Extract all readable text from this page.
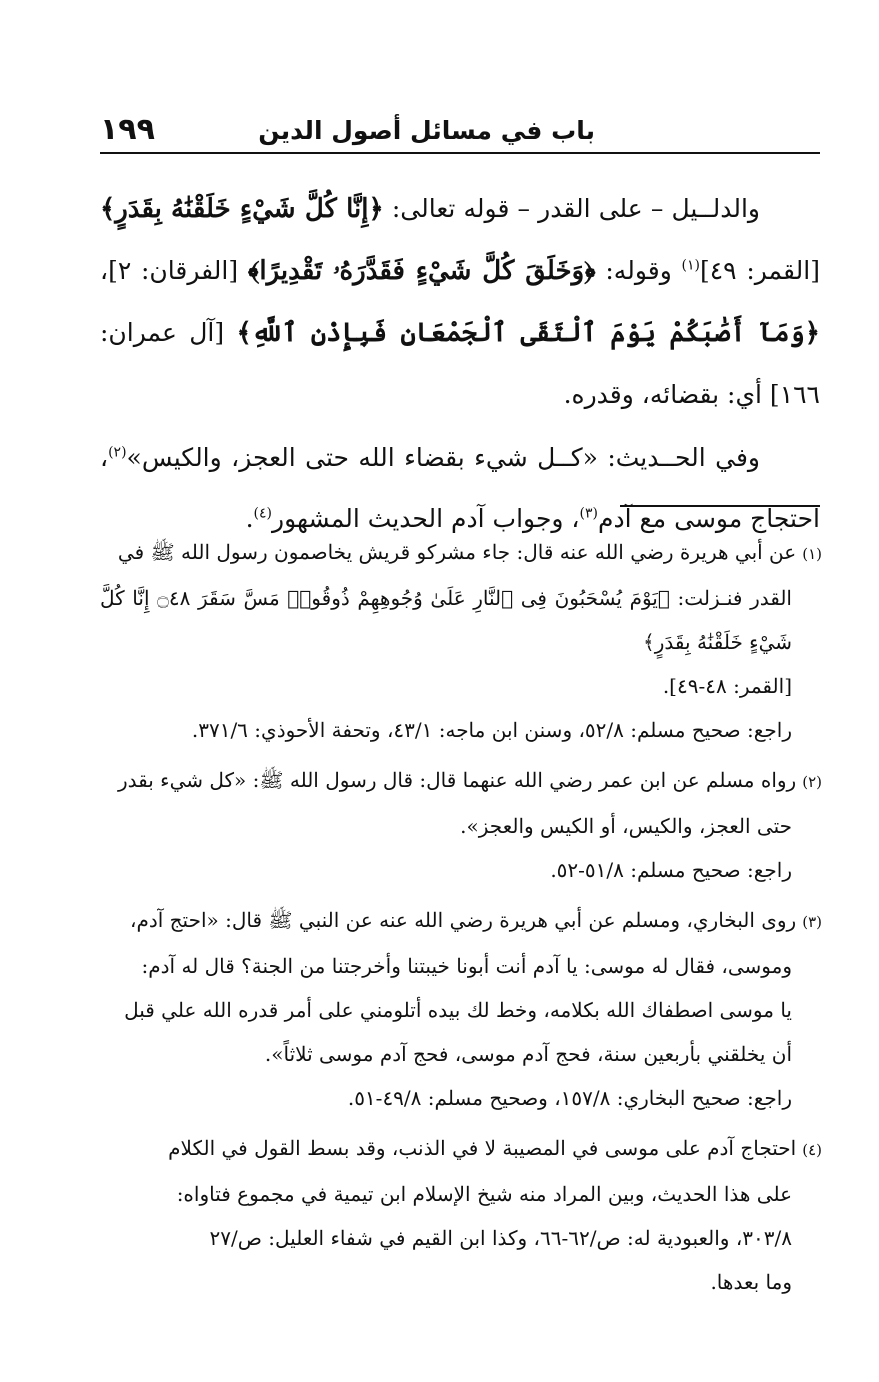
١٩٩	باب في مسائل أصول الدين

والدلــيل – على القدر – قوله تعالى: ﴿إِنَّا كُلَّ شَيْءٍ خَلَقْنَٰهُ بِقَدَرٍ﴾ [القمر: ٤٩]$^{(١)}$ وقوله: ﴿وَخَلَقَ كُلَّ شَيْءٍ فَقَدَّرَهُۥ تَقْدِيرًا﴾ [الفرقان: ٢]، ﴿وَمَآ أَصَٰبَكُمْ يَوْمَ ٱلْتَقَى ٱلْجَمْعَانِ فَبِإِذْنِ ٱللَّهِ﴾ [آل عمران: ١٦٦] أي: بقضائه، وقدره.

وفي الحــديث: «كــل شيء بقضاء الله حتى العجز، والكيس»$^{(٢)}$، احتجاج موسى مع آدم$^{(٣)}$، وجواب آدم الحديث المشهور$^{(٤)}$.

(١)عن أبي هريرة رضي الله عنه قال: جاء مشركو قريش يخاصمون رسول الله ﷺ في
القدر فنـزلت: ﴿يَوْمَ يُسْحَبُونَ فِى ٱلنَّارِ عَلَىٰ وُجُوهِهِمْ ذُوقُوا۟ مَسَّ سَقَرَ ۝٤٨ إِنَّا كُلَّ شَيْءٍ خَلَقْنَٰهُ بِقَدَرٍ﴾
[القمر: ٤٨-٤٩].
راجع: صحيح مسلم: ٥٢/٨، وسنن ابن ماجه: ٤٣/١، وتحفة الأحوذي: ٣٧١/٦.
(٢)رواه مسلم عن ابن عمر رضي الله عنهما قال: قال رسول الله ﷺ: «كل شيء بقدر
حتى العجز، والكيس، أو الكيس والعجز».
راجع: صحيح مسلم: ٥١/٨-٥٢.
(٣)روى البخاري، ومسلم عن أبي هريرة رضي الله عنه عن النبي ﷺ قال: «احتج آدم،
وموسى، فقال له موسى: يا آدم أنت أبونا خيبتنا وأخرجتنا من الجنة؟ قال له آدم:
يا موسى اصطفاك الله بكلامه، وخط لك بيده أتلومني على أمر قدره الله علي قبل
أن يخلقني بأربعين سنة، فحج آدم موسى، فحج آدم موسى ثلاثاً».
راجع: صحيح البخاري: ١٥٧/٨، وصحيح مسلم: ٤٩/٨-٥١.
(٤)احتجاج آدم على موسى في المصيبة لا في الذنب، وقد بسط القول في الكلام
على هذا الحديث، وبين المراد منه شيخ الإسلام ابن تيمية في مجموع فتاواه:
٣٠٣/٨، والعبودية له: ص/٦٢-٦٦، وكذا ابن القيم في شفاء العليل: ص/٢٧
وما بعدها.
